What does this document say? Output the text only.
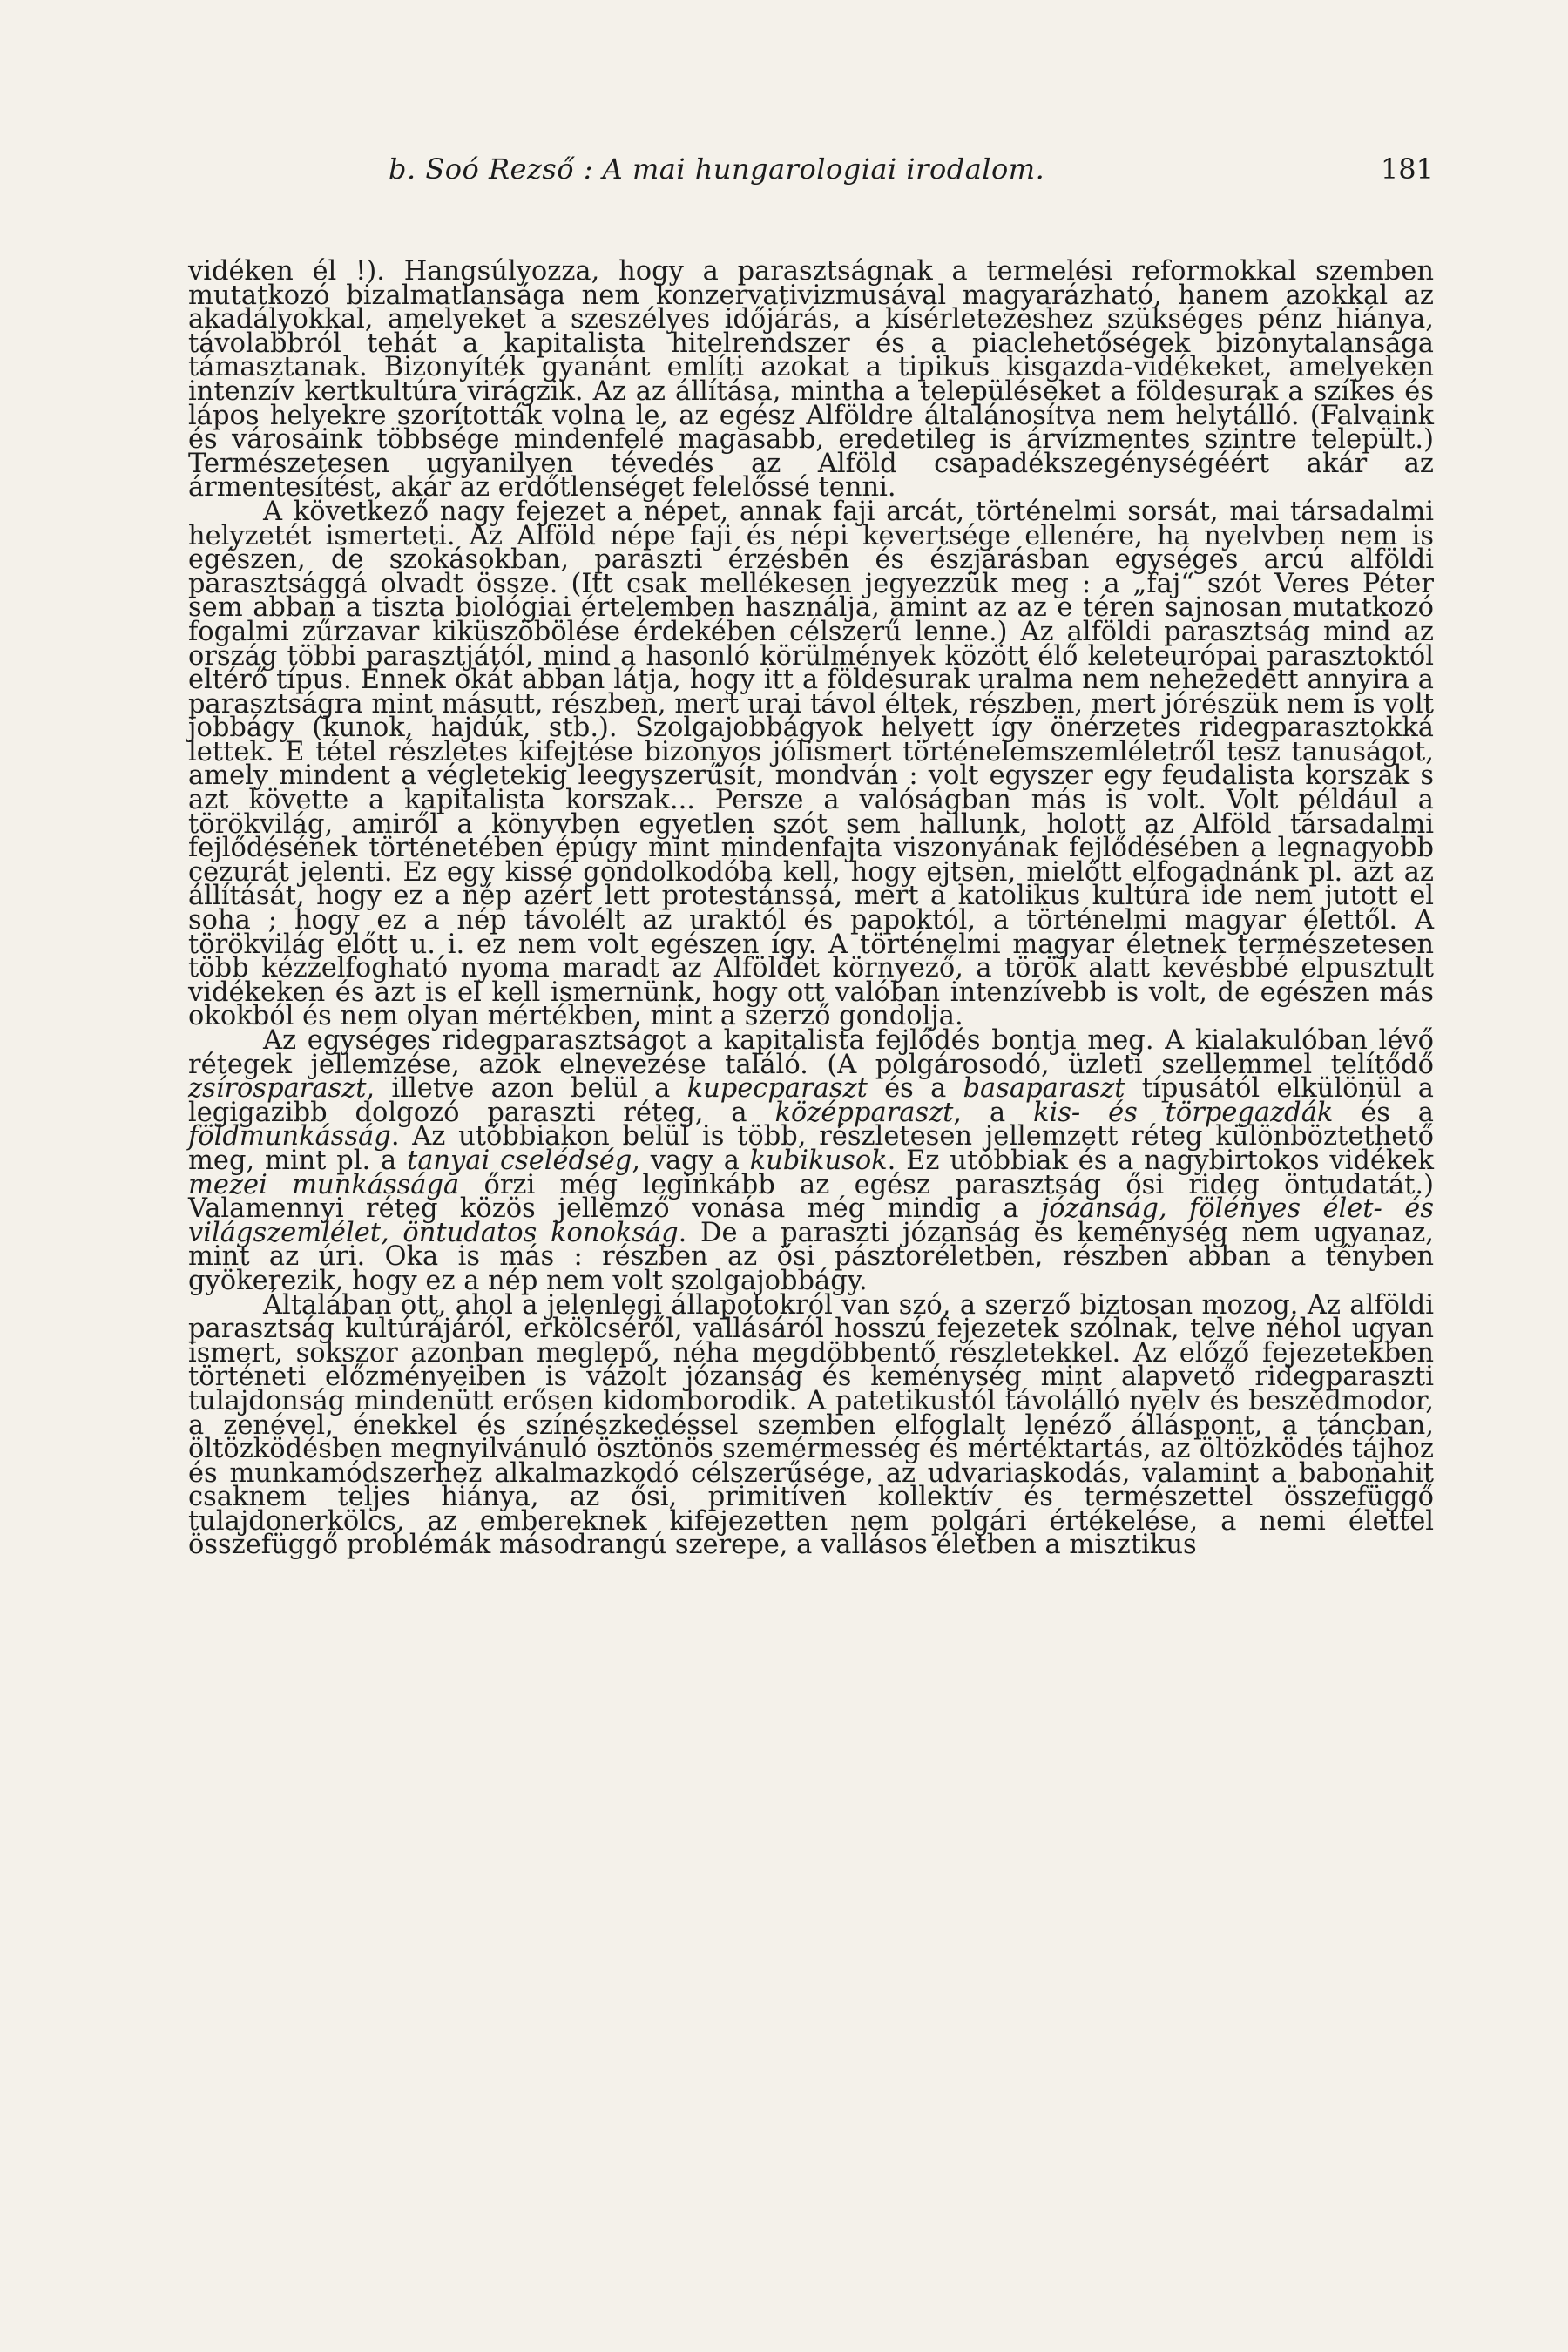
b. Soó Rezső : A mai hungarologiai irodalom.	181

vidéken él !). Hangsúlyozza, hogy a parasztságnak a termelési reformokkal szemben mutatkozó bizalmatlansága nem konzervativizmusával magyarázható, hanem azokkal az akadályokkal, amelyeket a szeszélyes időjárás, a kísérletezéshez szükséges pénz hiánya, távolabbról tehát a kapitalista hitelrendszer és a piaclehetőségek bizonytalansága támasztanak. Bizonyíték gyanánt említi azokat a tipikus kisgazda-vidékeket, amelyeken intenzív kertkultúra virágzik. Az az állítása, mintha a településeket a földesurak a szíkes és lápos helyekre szorították volna le, az egész Alföldre általánosítva nem helytálló. (Falvaink és városaink többsége mindenfelé magasabb, eredetileg is árvízmentes szintre települt.) Természetesen ugyanilyen tévedés az Alföld csapadékszegénységéért akár az ármentesítést, akár az erdőtlenséget felelőssé tenni.

A következő nagy fejezet a népet, annak faji arcát, történelmi sorsát, mai társadalmi helyzetét ismerteti. Az Alföld népe faji és népi kevertsége ellenére, ha nyelvben nem is egészen, de szokásokban, paraszti érzésben és észjárásban egységes arcú alföldi parasztsággá olvadt össze. (Itt csak mellékesen jegyezzük meg : a „faj“ szót Veres Péter sem abban a tiszta biológiai értelemben használja, amint az az e téren sajnosan mutatkozó fogalmi zűrzavar kiküszöbölése érdekében célszerű lenne.) Az alföldi parasztság mind az ország többi parasztjától, mind a hasonló körülmények között élő keleteurópai parasztoktól eltérő típus. Ennek okát abban látja, hogy itt a földesurak uralma nem nehezedett annyira a parasztságra mint másutt, részben, mert urai távol éltek, részben, mert jórészük nem is volt jobbágy (kunok, hajdúk, stb.). Szolgajobbágyok helyett így önérzetes ridegparasztokká lettek. E tétel részletes kifejtése bizonyos jólismert történelemszemléletről tesz tanuságot, amely mindent a végletekig leegyszerűsít, mondván : volt egyszer egy feudalista korszak s azt követte a kapitalista korszak... Persze a valóságban más is volt. Volt például a törökvilág, amiről a könyvben egyetlen szót sem hallunk, holott az Alföld társadalmi fejlődésének történetében épúgy mint mindenfajta viszonyának fejlődésében a legnagyobb cezurát jelenti. Ez egy kissé gondolkodóba kell, hogy ejtsen, mielőtt elfogadnánk pl. azt az állítását, hogy ez a nép azért lett protestánssá, mert a katolikus kultúra ide nem jutott el soha ; hogy ez a nép távolélt az uraktól és papoktól, a történelmi magyar élettől. A törökvilág előtt u. i. ez nem volt egészen így. A történelmi magyar életnek természetesen több kézzelfogható nyoma maradt az Alföldet környező, a török alatt kevésbbé elpusztult vidékeken és azt is el kell ismernünk, hogy ott valóban intenzívebb is volt, de egészen más okokból és nem olyan mértékben, mint a szerző gondolja.

Az egységes ridegparasztságot a kapitalista fejlődés bontja meg. A kialakulóban lévő rétegek jellemzése, azok elnevezése találó. (A polgárosodó, üzleti szellemmel telítődő zsírosparaszt, illetve azon belül a kupecparaszt és a basaparaszt típusától elkülönül a legigazibb dolgozó paraszti réteg, a középparaszt, a kis- és törpegazdák és a földmunkásság. Az utóbbiakon belül is több, részletesen jellemzett réteg különböztethető meg, mint pl. a tanyai cselédség, vagy a kubikusok. Ez utóbbiak és a nagybirtokos vidékek mezei munkássága őrzi még leginkább az egész parasztság ősi rideg öntudatát.) Valamennyi réteg közös jellemző vonása még mindig a józanság, fölényes élet- és világszemlélet, öntudatos konokság. De a paraszti józanság és keménység nem ugyanaz, mint az úri. Oka is más : részben az ősi pásztoréletben, részben abban a tényben gyökerezik, hogy ez a nép nem volt szolgajobbágy.

Általában ott, ahol a jelenlegi állapotokról van szó, a szerző biztosan mozog. Az alföldi parasztság kultúrájáról, erkölcséről, vallásáról hosszú fejezetek szólnak, telve néhol ugyan ismert, sokszor azonban meglepő, néha megdöbbentő részletekkel. Az előző fejezetekben történeti előzményeiben is vázolt józanság és keménység mint alapvető ridegparaszti tulajdonság mindenütt erősen kidomborodik. A patetikustól távolálló nyelv és beszédmodor, a zenével, énekkel és színészkedéssel szemben elfoglalt lenéző álláspont, a táncban, öltözködésben megnyilvánuló ösztönös szemérmesség és mértéktartás, az öltözködés tájhoz és munkamódszerhez alkalmazkodó célszerűsége, az udvariaskodás, valamint a babonahit csaknem teljes hiánya, az ősi, primitíven kollektív és természettel összefüggő tulajdonerkölcs, az embereknek kifejezetten nem polgári értékelése, a nemi élettel összefüggő problémák másodrangú szerepe, a vallásos életben a misztikus
